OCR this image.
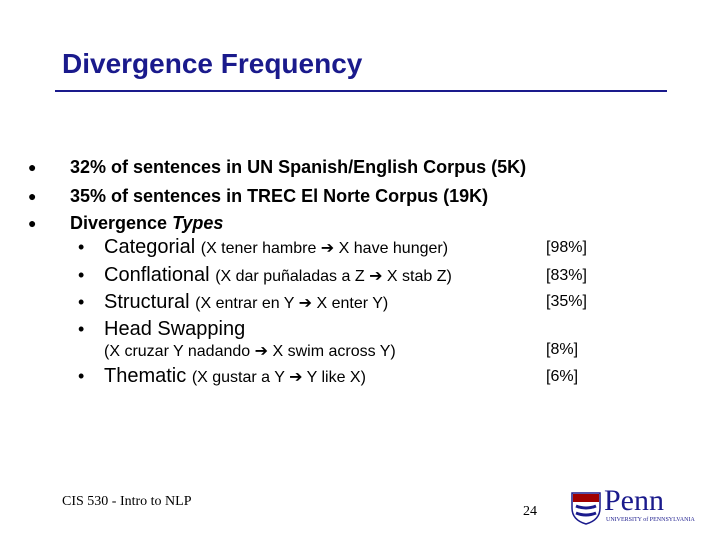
Divergence Frequency
● 32% of sentences in UN Spanish/English Corpus (5K)
● 35% of sentences in TREC El Norte Corpus (19K)
● Divergence Types
• Categorial (X tener hambre ➔ X have hunger)	[98%]
• Conflational (X dar puñaladas a Z ➔ X stab Z)	[83%]
• Structural (X entrar en Y ➔ X enter Y)	[35%]
• Head Swapping
(X cruzar Y nadando ➔ X swim across Y)	[8%]
• Thematic (X gustar a Y ➔ Y like X)	[6%]
CIS 530 - Intro to NLP
24 Penn
UNIVERSITY of PENNSYLVANIA
